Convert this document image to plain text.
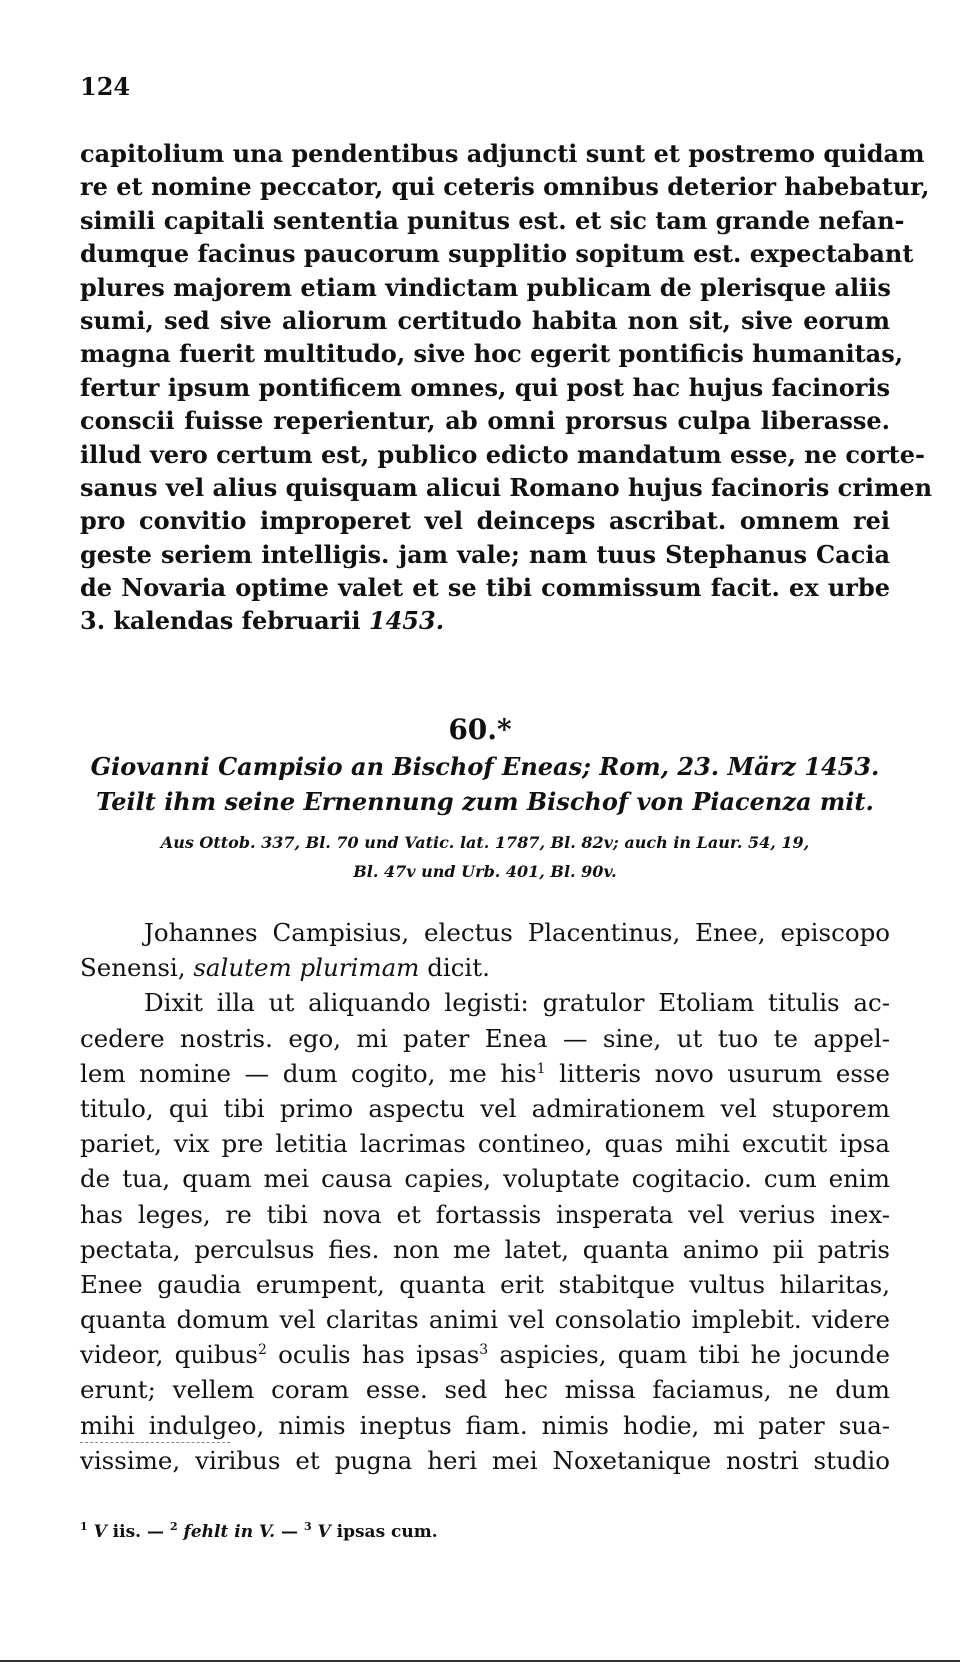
124
capitolium una pendentibus adjuncti sunt et postremo quidam
re et nomine peccator, qui ceteris omnibus deterior habebatur,
simili capitali sententia punitus est. et sic tam grande nefan-
dumque facinus paucorum supplitio sopitum est. expectabant
plures majorem etiam vindictam publicam de plerisque aliis
sumi, sed sive aliorum certitudo habita non sit, sive eorum
magna fuerit multitudo, sive hoc egerit pontificis humanitas,
fertur ipsum pontificem omnes, qui post hac hujus facinoris
conscii fuisse reperientur, ab omni prorsus culpa liberasse.
illud vero certum est, publico edicto mandatum esse, ne corte-
sanus vel alius quisquam alicui Romano hujus facinoris crimen
pro convitio improperet vel deinceps ascribat. omnem rei
geste seriem intelligis. jam vale; nam tuus Stephanus Cacia
de Novaria optime valet et se tibi commissum facit. ex urbe
3. kalendas februarii 1453.
60.*
Giovanni Campisio an Bischof Eneas; Rom, 23. März 1453.
Teilt ihm seine Ernennung zum Bischof von Piacenza mit.
Aus Ottob. 337, Bl. 70 und Vatic. lat. 1787, Bl. 82v; auch in Laur. 54, 19,
Bl. 47v und Urb. 401, Bl. 90v.
Johannes Campisius, electus Placentinus, Enee, episcopo
Senensi, salutem plurimam dicit.
Dixit illa ut aliquando legisti: gratulor Etoliam titulis ac-
cedere nostris. ego, mi pater Enea — sine, ut tuo te appel-
lem nomine — dum cogito, me his$^1$ litteris novo usurum esse
titulo, qui tibi primo aspectu vel admirationem vel stuporem
pariet, vix pre letitia lacrimas contineo, quas mihi excutit ipsa
de tua, quam mei causa capies, voluptate cogitacio. cum enim
has leges, re tibi nova et fortassis insperata vel verius inex-
pectata, perculsus fies. non me latet, quanta animo pii patris
Enee gaudia erumpent, quanta erit stabitque vultus hilaritas,
quanta domum vel claritas animi vel consolatio implebit. videre
videor, quibus$^2$ oculis has ipsas$^3$ aspicies, quam tibi he jocunde
erunt; vellem coram esse. sed hec missa faciamus, ne dum
mihi indulgeo, nimis ineptus fiam. nimis hodie, mi pater sua-
vissime, viribus et pugna heri mei Noxetanique nostri studio
$^1$ V iis. — $^2$ fehlt in V. — $^3$ V ipsas cum.
